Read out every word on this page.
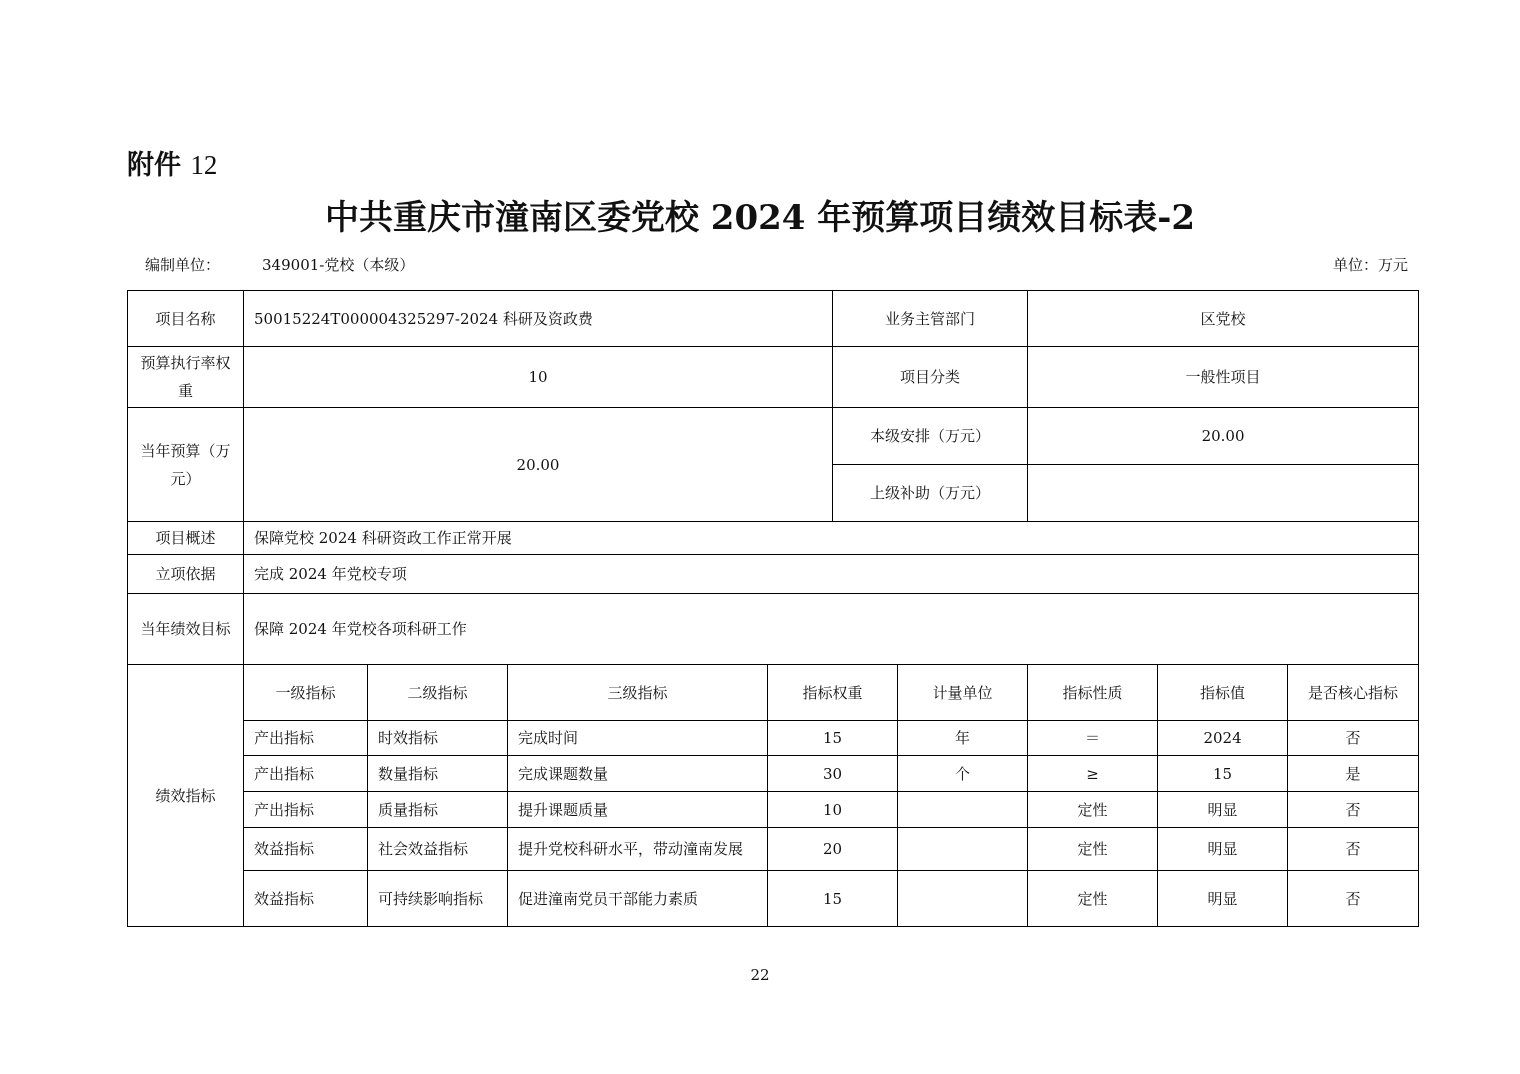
附件 12
中共重庆市潼南区委党校 2024 年预算项目绩效目标表-2
编制单位：	349001-党校（本级）	单位：万元
项目名称	50015224T000004325297-2024 科研及资政费				业务主管部门		区党校		
预算执行率权重	10				项目分类		一般性项目		
当年预算（万元）	20.00				本级安排（万元）		20.00		
					上级补助（万元）				
项目概述	保障党校 2024 科研资政工作正常开展								
立项依据	完成 2024 年党校专项								
当年绩效目标	保障 2024 年党校各项科研工作								
绩效指标	一级指标	二级指标	三级指标	指标权重		计量单位	指标性质	指标值	是否核心指标
	产出指标	时效指标	完成时间	15		年	＝	2024	否
	产出指标	数量指标	完成课题数量	30		个	≥	15	是
	产出指标	质量指标	提升课题质量	10			定性	明显	否
	效益指标	社会效益指标	提升党校科研水平，带动潼南发展	20			定性	明显	否
	效益指标	可持续影响指标	促进潼南党员干部能力素质	15			定性	明显	否
22
